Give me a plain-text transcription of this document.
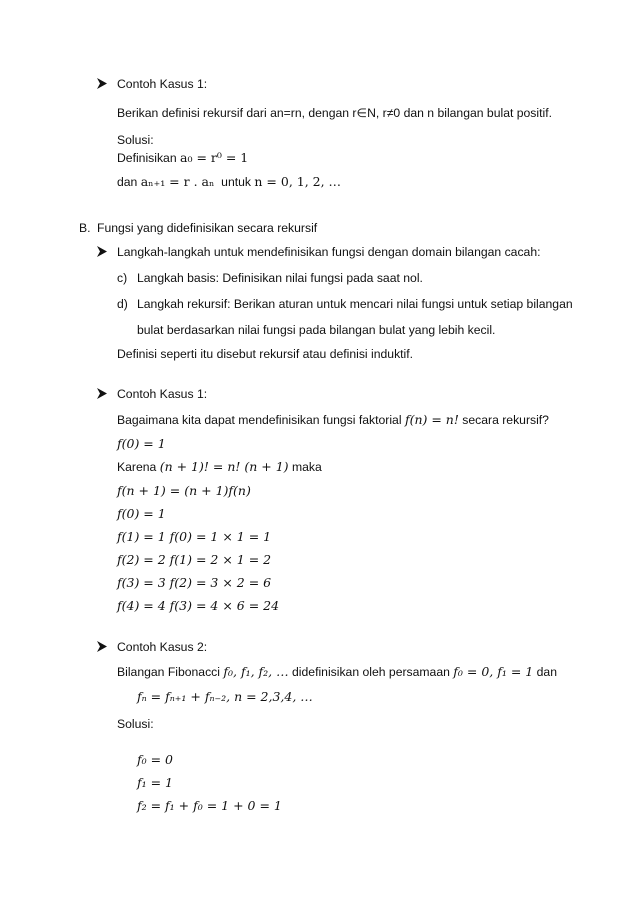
Contoh Kasus 1:
Berikan definisi rekursif dari an=rn, dengan r∈N, r≠0 dan n bilangan bulat positif.
Solusi:
Definisikan a₀ = r⁰ = 1
dan aₙ₊₁ = r . aₙ untuk n = 0, 1, 2, …
B. Fungsi yang didefinisikan secara rekursif
Langkah-langkah untuk mendefinisikan fungsi dengan domain bilangan cacah:
c) Langkah basis: Definisikan nilai fungsi pada saat nol.
d) Langkah rekursif: Berikan aturan untuk mencari nilai fungsi untuk setiap bilangan
bulat berdasarkan nilai fungsi pada bilangan bulat yang lebih kecil.
Definisi seperti itu disebut rekursif atau definisi induktif.
Contoh Kasus 1:
Bagaimana kita dapat mendefinisikan fungsi faktorial f(n) = n! secara rekursif?
f(0) = 1
Karena (n + 1)! = n! (n + 1) maka
f(n + 1) = (n + 1)f(n)
f(0) = 1
f(1) = 1 f(0) = 1 × 1 = 1
f(2) = 2 f(1) = 2 × 1 = 2
f(3) = 3 f(2) = 3 × 2 = 6
f(4) = 4 f(3) = 4 × 6 = 24
Contoh Kasus 2:
Bilangan Fibonacci f₀, f₁, f₂, … didefinisikan oleh persamaan f₀ = 0, f₁ = 1 dan
fₙ = fₙ₊₁ + fₙ₋₂, n = 2,3,4, …
Solusi:
f₀ = 0
f₁ = 1
f₂ = f₁ + f₀ = 1 + 0 = 1
